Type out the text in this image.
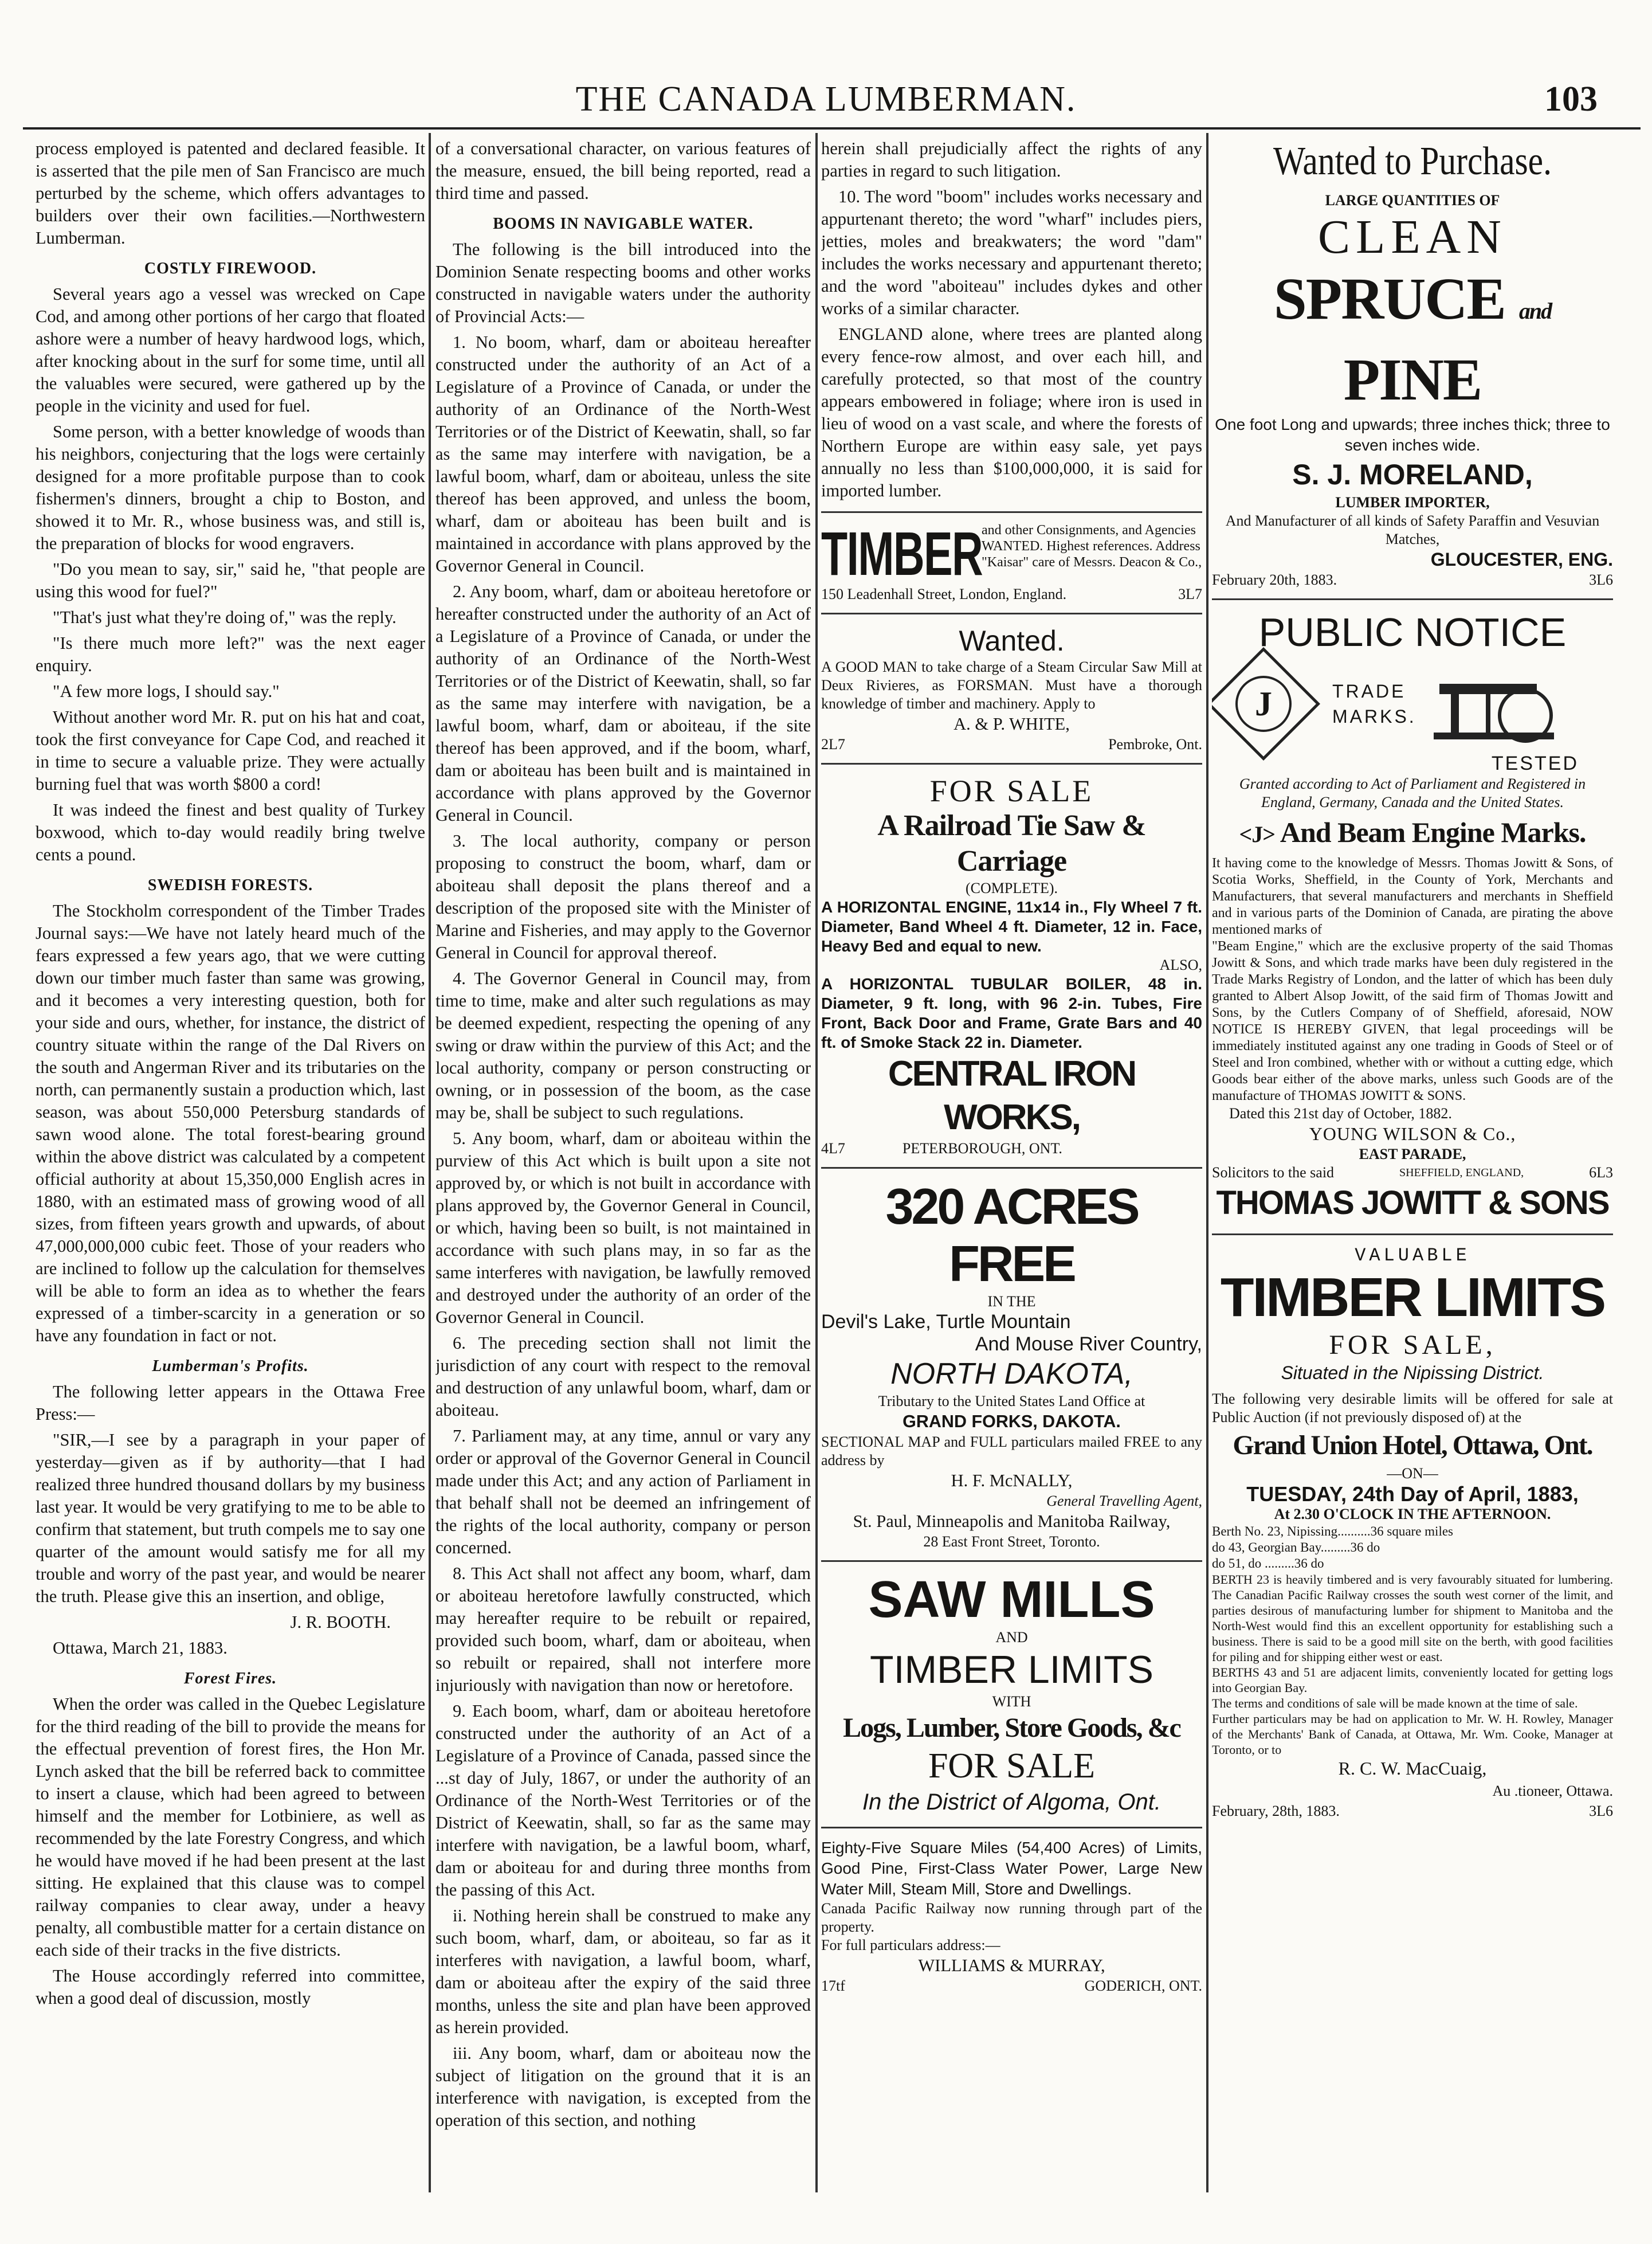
THE CANADA LUMBERMAN.	103

process employed is patented and declared feasible. It is asserted that the pile men of San Francisco are much perturbed by the scheme, which offers advantages to builders over their own facilities.—Northwestern Lumberman.

COSTLY FIREWOOD.

Several years ago a vessel was wrecked on Cape Cod, and among other portions of her cargo that floated ashore were a number of heavy hardwood logs, which, after knocking about in the surf for some time, until all the valuables were secured, were gathered up by the people in the vicinity and used for fuel.

Some person, with a better knowledge of woods than his neighbors, conjecturing that the logs were certainly designed for a more profitable purpose than to cook fishermen's dinners, brought a chip to Boston, and showed it to Mr. R., whose business was, and still is, the preparation of blocks for wood engravers.

"Do you mean to say, sir," said he, "that people are using this wood for fuel?"

"That's just what they're doing of," was the reply.

"Is there much more left?" was the next eager enquiry.

"A few more logs, I should say."

Without another word Mr. R. put on his hat and coat, took the first conveyance for Cape Cod, and reached it in time to secure a valuable prize. They were actually burning fuel that was worth $800 a cord!

It was indeed the finest and best quality of Turkey boxwood, which to-day would readily bring twelve cents a pound.

SWEDISH FORESTS.

The Stockholm correspondent of the Timber Trades Journal says:—We have not lately heard much of the fears expressed a few years ago, that we were cutting down our timber much faster than same was growing, and it becomes a very interesting question, both for your side and ours, whether, for instance, the district of country situate within the range of the Dal Rivers on the south and Angerman River and its tributaries on the north, can permanently sustain a production which, last season, was about 550,000 Petersburg standards of sawn wood alone. The total forest-bearing ground within the above district was calculated by a competent official authority at about 15,350,000 English acres in 1880, with an estimated mass of growing wood of all sizes, from fifteen years growth and upwards, of about 47,000,000,000 cubic feet. Those of your readers who are inclined to follow up the calculation for themselves will be able to form an idea as to whether the fears expressed of a timber-scarcity in a generation or so have any foundation in fact or not.

Lumberman's Profits.

The following letter appears in the Ottawa Free Press:—

"SIR,—I see by a paragraph in your paper of yesterday—given as if by authority—that I had realized three hundred thousand dollars by my business last year. It would be very gratifying to me to be able to confirm that statement, but truth compels me to say one quarter of the amount would satisfy me for all my trouble and worry of the past year, and would be nearer the truth. Please give this an insertion, and oblige,

J. R. BOOTH.

Ottawa, March 21, 1883.

Forest Fires.

When the order was called in the Quebec Legislature for the third reading of the bill to provide the means for the effectual prevention of forest fires, the Hon Mr. Lynch asked that the bill be referred back to committee to insert a clause, which had been agreed to between himself and the member for Lotbiniere, as well as recommended by the late Forestry Congress, and which he would have moved if he had been present at the last sitting. He explained that this clause was to compel railway companies to clear away, under a heavy penalty, all combustible matter for a certain distance on each side of their tracks in the five districts.

The House accordingly referred into committee, when a good deal of discussion, mostly

of a conversational character, on various features of the measure, ensued, the bill being reported, read a third time and passed.

BOOMS IN NAVIGABLE WATER.

The following is the bill introduced into the Dominion Senate respecting booms and other works constructed in navigable waters under the authority of Provincial Acts:—

1. No boom, wharf, dam or aboiteau hereafter constructed under the authority of an Act of a Legislature of a Province of Canada, or under the authority of an Ordinance of the North-West Territories or of the District of Keewatin, shall, so far as the same may interfere with navigation, be a lawful boom, wharf, dam or aboiteau, unless the site thereof has been approved, and unless the boom, wharf, dam or aboiteau has been built and is maintained in accordance with plans approved by the Governor General in Council.

2. Any boom, wharf, dam or aboiteau heretofore or hereafter constructed under the authority of an Act of a Legislature of a Province of Canada, or under the authority of an Ordinance of the North-West Territories or of the District of Keewatin, shall, so far as the same may interfere with navigation, be a lawful boom, wharf, dam or aboiteau, if the site thereof has been approved, and if the boom, wharf, dam or aboiteau has been built and is maintained in accordance with plans approved by the Governor General in Council.

3. The local authority, company or person proposing to construct the boom, wharf, dam or aboiteau shall deposit the plans thereof and a description of the proposed site with the Minister of Marine and Fisheries, and may apply to the Governor General in Council for approval thereof.

4. The Governor General in Council may, from time to time, make and alter such regulations as may be deemed expedient, respecting the opening of any swing or draw within the purview of this Act; and the local authority, company or person constructing or owning, or in possession of the boom, as the case may be, shall be subject to such regulations.

5. Any boom, wharf, dam or aboiteau within the purview of this Act which is built upon a site not approved by, or which is not built in accordance with plans approved by, the Governor General in Council, or which, having been so built, is not maintained in accordance with such plans may, in so far as the same interferes with navigation, be lawfully removed and destroyed under the authority of an order of the Governor General in Council.

6. The preceding section shall not limit the jurisdiction of any court with respect to the removal and destruction of any unlawful boom, wharf, dam or aboiteau.

7. Parliament may, at any time, annul or vary any order or approval of the Governor General in Council made under this Act; and any action of Parliament in that behalf shall not be deemed an infringement of the rights of the local authority, company or person concerned.

8. This Act shall not affect any boom, wharf, dam or aboiteau heretofore lawfully constructed, which may hereafter require to be rebuilt or repaired, provided such boom, wharf, dam or aboiteau, when so rebuilt or repaired, shall not interfere more injuriously with navigation than now or heretofore.

9. Each boom, wharf, dam or aboiteau heretofore constructed under the authority of an Act of a Legislature of a Province of Canada, passed since the ...st day of July, 1867, or under the authority of an Ordinance of the North-West Territories or of the District of Keewatin, shall, so far as the same may interfere with navigation, be a lawful boom, wharf, dam or aboiteau for and during three months from the passing of this Act.

ii. Nothing herein shall be construed to make any such boom, wharf, dam, or aboiteau, so far as it interferes with navigation, a lawful boom, wharf, dam or aboiteau after the expiry of the said three months, unless the site and plan have been approved as herein provided.

iii. Any boom, wharf, dam or aboiteau now the subject of litigation on the ground that it is an interference with navigation, is excepted from the operation of this section, and nothing

herein shall prejudicially affect the rights of any parties in regard to such litigation.

10. The word "boom" includes works necessary and appurtenant thereto; the word "wharf" includes piers, jetties, moles and breakwaters; the word "dam" includes the works necessary and appurtenant thereto; and the word "aboiteau" includes dykes and other works of a similar character.

ENGLAND alone, where trees are planted along every fence-row almost, and over each hill, and carefully protected, so that most of the country appears embowered in foliage; where iron is used in lieu of wood on a vast scale, and where the forests of Northern Europe are within easy sale, yet pays annually no less than $100,000,000, it is said for imported lumber.

TIMBER
and other Consignments, and Agencies WANTED. Highest references. Address "Kaisar" care of Messrs. Deacon & Co.,
150 Leadenhall Street, London, England.	3L7
Wanted.
A GOOD MAN to take charge of a Steam Circular Saw Mill at Deux Rivieres, as FORSMAN. Must have a thorough knowledge of timber and machinery. Apply to
A. & P. WHITE,
2L7	Pembroke, Ont.
FOR SALE
A Railroad Tie Saw & Carriage
(COMPLETE).
A HORIZONTAL ENGINE, 11x14 in., Fly Wheel 7 ft. Diameter, Band Wheel 4 ft. Diameter, 12 in. Face, Heavy Bed and equal to new.
ALSO,
A HORIZONTAL TUBULAR BOILER, 48 in. Diameter, 9 ft. long, with 96 2-in. Tubes, Fire Front, Back Door and Frame, Grate Bars and 40 ft. of Smoke Stack 22 in. Diameter.
CENTRAL IRON WORKS,
4L7	PETERBOROUGH, ONT.
320 ACRES FREE
IN THE
Devil's Lake, Turtle Mountain
And Mouse River Country,
NORTH DAKOTA,
Tributary to the United States Land Office at
GRAND FORKS, DAKOTA.
SECTIONAL MAP and FULL particulars mailed FREE to any address by
H. F. McNALLY,
General Travelling Agent,
St. Paul, Minneapolis and Manitoba Railway,
28 East Front Street, Toronto.
SAW MILLS
AND
TIMBER LIMITS
WITH
Logs, Lumber, Store Goods, &c
FOR SALE
In the District of Algoma, Ont.
Eighty-Five Square Miles (54,400 Acres) of Limits, Good Pine, First-Class Water Power, Large New Water Mill, Steam Mill, Store and Dwellings.
Canada Pacific Railway now running through part of the property.
For full particulars address:—
WILLIAMS & MURRAY,
17tf	GODERICH, ONT.
Wanted to Purchase.
LARGE QUANTITIES OF
CLEAN
SPRUCE and PINE
One foot Long and upwards; three inches thick; three to seven inches wide.
S. J. MORELAND,
LUMBER IMPORTER,
And Manufacturer of all kinds of Safety Paraffin and Vesuvian Matches,
GLOUCESTER, ENG.
February 20th, 1883.	3L6
PUBLIC NOTICE
J	TRADE
MARKS.
TESTED
Granted according to Act of Parliament and Registered in England, Germany, Canada and the United States.
<J> And Beam Engine Marks.
It having come to the knowledge of Messrs. Thomas Jowitt & Sons, of Scotia Works, Sheffield, in the County of York, Merchants and Manufacturers, that several manufacturers and merchants in Sheffield and in various parts of the Dominion of Canada, are pirating the above mentioned marks of
"Beam Engine," which are the exclusive property of the said Thomas Jowitt & Sons, and which trade marks have been duly registered in the Trade Marks Registry of London, and the latter of which has been duly granted to Albert Alsop Jowitt, of the said firm of Thomas Jowitt and Sons, by the Cutlers Company of of Sheffield, aforesaid, NOW NOTICE IS HEREBY GIVEN, that legal proceedings will be immediately instituted against any one trading in Goods of Steel or of Steel and Iron combined, whether with or without a cutting edge, which Goods bear either of the above marks, unless such Goods are of the manufacture of THOMAS JOWITT & SONS.
Dated this 21st day of October, 1882.
YOUNG WILSON & Co.,
EAST PARADE,
Solicitors to the said	SHEFFIELD, ENGLAND,	6L3
THOMAS JOWITT & SONS
VALUABLE
TIMBER LIMITS
FOR SALE,
Situated in the Nipissing District.
The following very desirable limits will be offered for sale at Public Auction (if not previously disposed of) at the
Grand Union Hotel, Ottawa, Ont.
—ON—
TUESDAY, 24th Day of April, 1883,
At 2.30 O'CLOCK IN THE AFTERNOON.
Berth No. 23, Nipissing..........36 square miles
do 43, Georgian Bay.........36 do
do 51, do .........36 do
BERTH 23 is heavily timbered and is very favourably situated for lumbering. The Canadian Pacific Railway crosses the south west corner of the limit, and parties desirous of manufacturing lumber for shipment to Manitoba and the North-West would find this an excellent opportunity for establishing such a business. There is said to be a good mill site on the berth, with good facilities for piling and for shipping either west or east.
BERTHS 43 and 51 are adjacent limits, conveniently located for getting logs into Georgian Bay.
The terms and conditions of sale will be made known at the time of sale.
Further particulars may be had on application to Mr. W. H. Rowley, Manager of the Merchants' Bank of Canada, at Ottawa, Mr. Wm. Cooke, Manager at Toronto, or to
R. C. W. MacCuaig,
Au .tioneer, Ottawa.
February, 28th, 1883.	3L6
